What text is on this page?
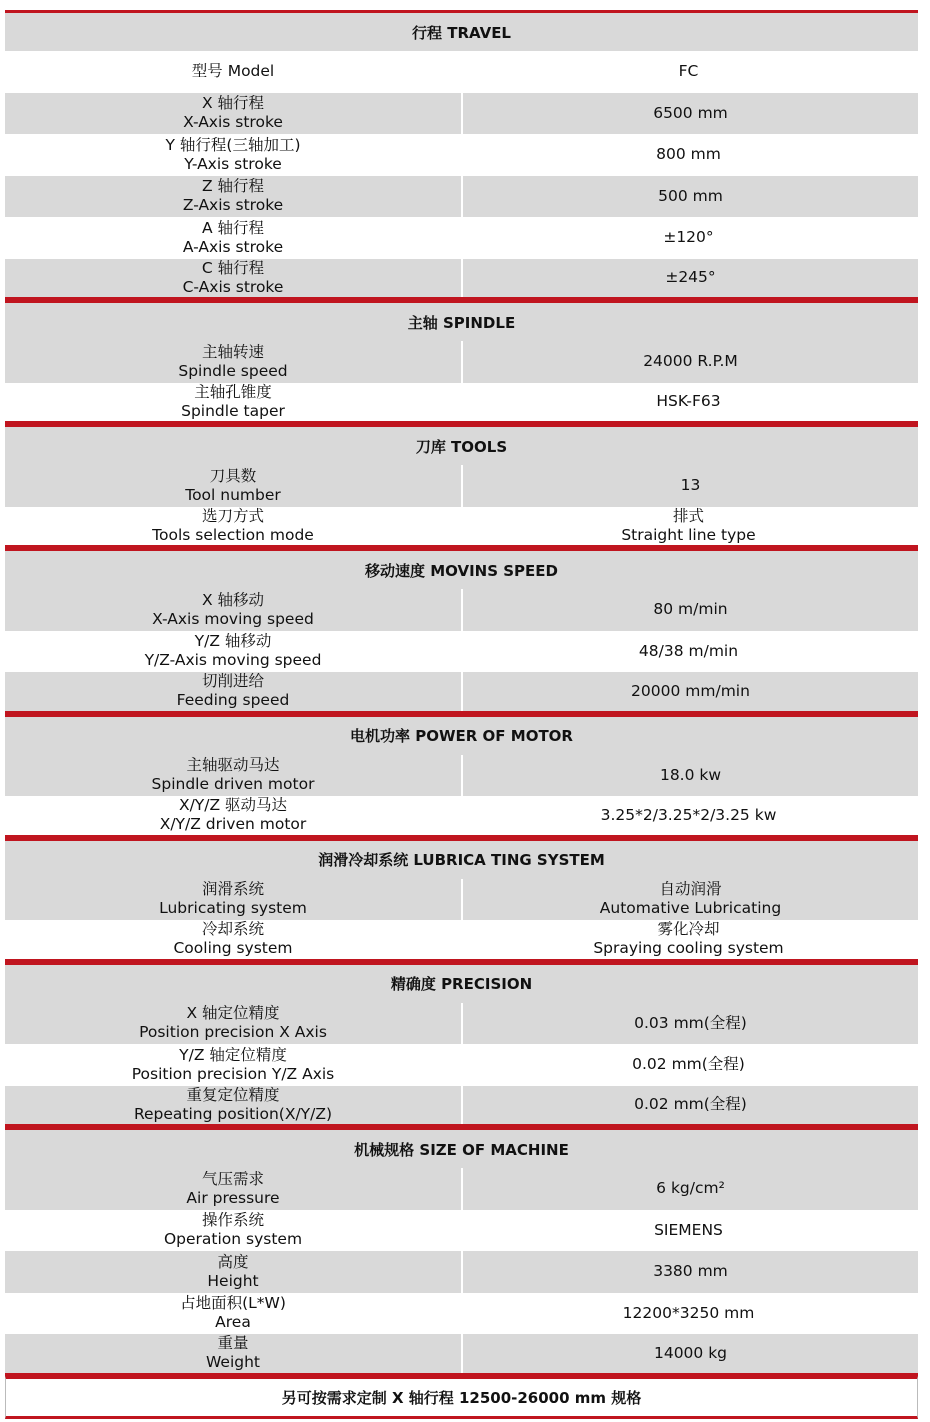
行程 TRAVEL
型号 Model	FC
X 轴行程
X-Axis stroke
6500 mm
Y 轴行程(三轴加工)
Y-Axis stroke
800 mm
Z 轴行程
Z-Axis stroke
500 mm
A 轴行程
A-Axis stroke
±120°
C 轴行程
C-Axis stroke
±245°
主轴 SPINDLE
主轴转速
Spindle speed
24000 R.P.M
主轴孔锥度
Spindle taper
HSK-F63
刀库 TOOLS
刀具数
Tool number
13
选刀方式
Tools selection mode
排式
Straight line type
移动速度 MOVINS SPEED
X 轴移动
X-Axis moving speed
80 m/min
Y/Z 轴移动
Y/Z-Axis moving speed
48/38 m/min
切削进给
Feeding speed
20000 mm/min
电机功率 POWER OF MOTOR
主轴驱动马达
Spindle driven motor
18.0 kw
X/Y/Z 驱动马达
X/Y/Z driven motor
3.25*2/3.25*2/3.25 kw
润滑冷却系统 LUBRICA TING SYSTEM
润滑系统
Lubricating system
自动润滑
Automative Lubricating
冷却系统
Cooling system
雾化冷却
Spraying cooling system
精确度 PRECISION
X 轴定位精度
Position precision X Axis
0.03 mm(全程)
Y/Z 轴定位精度
Position precision Y/Z Axis
0.02 mm(全程)
重复定位精度
Repeating position(X/Y/Z)
0.02 mm(全程)
机械规格 SIZE OF MACHINE
气压需求
Air pressure
6 kg/cm²
操作系统
Operation system
SIEMENS
高度
Height
3380 mm
占地面积(L*W)
Area
12200*3250 mm
重量
Weight
14000 kg
另可按需求定制 X 轴行程 12500-26000 mm 规格
